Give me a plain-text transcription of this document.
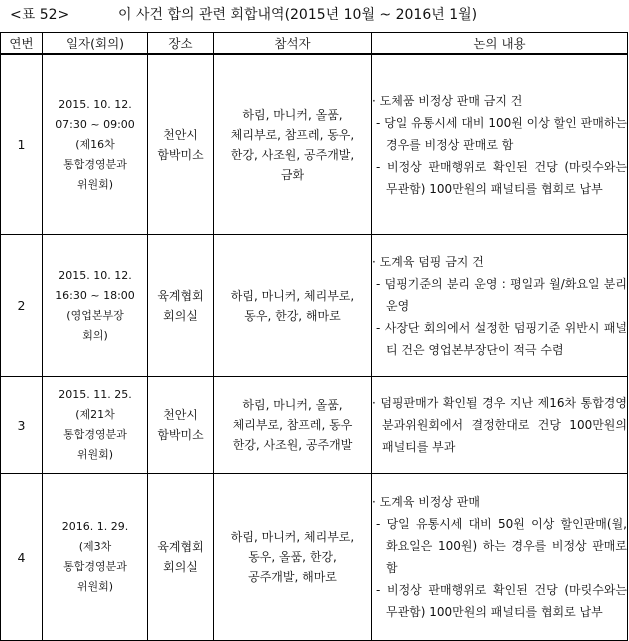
<표 52>	이 사건 합의 관련 회합내역(2015년 10월 ~ 2016년 1월)
연번	일자(회의)	장소	참석자	논의 내용
1	2015. 10. 12.
07:30 ~ 09:00
(제16차
통합경영분과
위원회)	천안시
함박미소	하림, 마니커, 올품,
체리부로, 참프레, 동우,
한강, 사조원, 공주개발,
금화	· 도체품 비정상 판매 금지 건
- 당일 유통시세 대비 100원 이상 할인 판매하는 경우를 비정상 판매로 함
- 비정상 판매행위로 확인된 건당 (마릿수와는 무관함) 100만원의 패널티를 협회로 납부

2	2015. 10. 12.
16:30 ~ 18:00
(영업본부장
회의)	육계협회
회의실	하림, 마니커, 체리부로,
동우, 한강, 해마로	· 도계육 덤핑 금지 건
- 덤핑기준의 분리 운영 : 평일과 월/화요일 분리 운영
- 사장단 회의에서 설정한 덤핑기준 위반시 패널티 건은 영업본부장단이 적극 수렴

3	2015. 11. 25.
(제21차
통합경영분과
위원회)	천안시
함박미소	하림, 마니커, 올품,
체리부로, 참프레, 동우
한강, 사조원, 공주개발	· 덤핑판매가 확인될 경우 지난 제16차 통합경영분과위원회에서 결정한대로 건당 100만원의 패널티를 부과

4	2016. 1. 29.
(제3차
통합경영분과
위원회)	육계협회
회의실	하림, 마니커, 체리부로,
동우, 올품, 한강,
공주개발, 해마로	· 도계육 비정상 판매
- 당일 유통시세 대비 50원 이상 할인판매(월, 화요일은 100원) 하는 경우를 비정상 판매로 함
- 비정상 판매행위로 확인된 건당 (마릿수와는 무관함) 100만원의 패널티를 협회로 납부
